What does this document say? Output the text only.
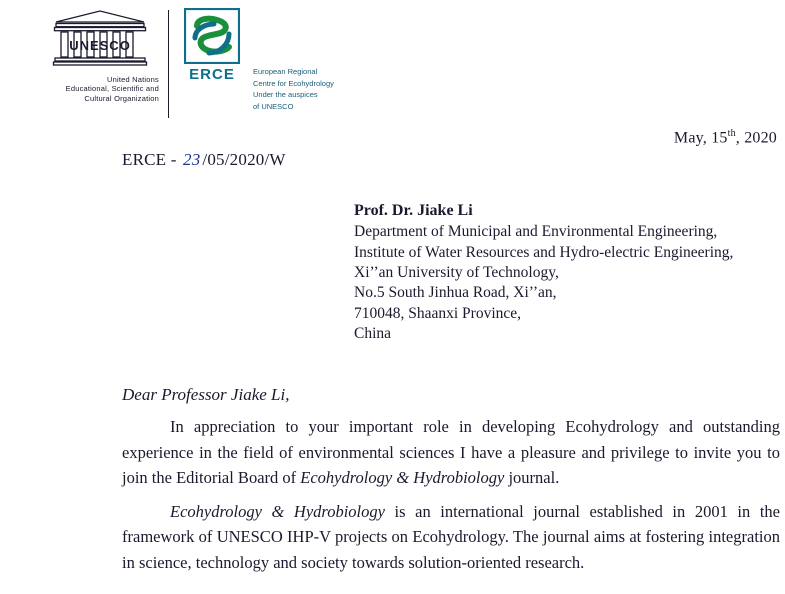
UNESCO
United Nations
Educational, Scientific and
Cultural Organization
ERCE European Regional
Centre for Ecohydrology
Under the auspices
of UNESCO
May, 15th, 2020
ERCE - 23 /05/2020/W
Prof. Dr. Jiake Li
Department of Municipal and Environmental Engineering,
Institute of Water Resources and Hydro-electric Engineering,
Xi’’an University of Technology,
No.5 South Jinhua Road, Xi’’an,
710048, Shaanxi Province,
China
Dear Professor Jiake Li,

In appreciation to your important role in developing Ecohydrology and outstanding experience in the field of environmental sciences I have a pleasure and privilege to invite you to join the Editorial Board of Ecohydrology & Hydrobiology journal.

Ecohydrology & Hydrobiology is an international journal established in 2001 in the framework of UNESCO IHP-V projects on Ecohydrology. The journal aims at fostering integration in science, technology and society towards solution-oriented research.
